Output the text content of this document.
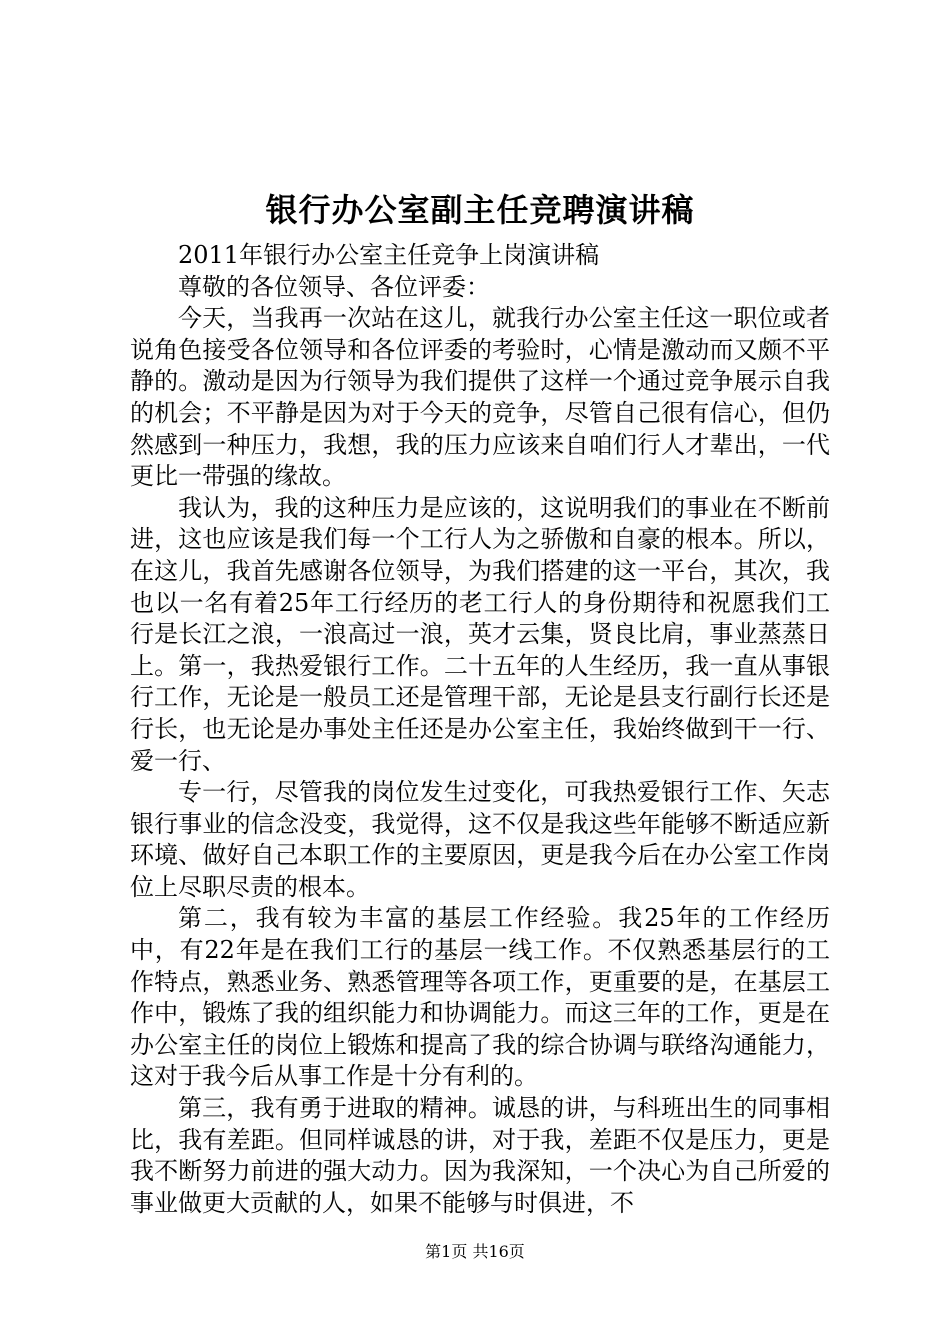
银行办公室副主任竞聘演讲稿

2011年银行办公室主任竞争上岗演讲稿

尊敬的各位领导、各位评委：

今天，当我再一次站在这儿，就我行办公室主任这一职位或者说角色接受各位领导和各位评委的考验时，心情是激动而又颇不平静的。激动是因为行领导为我们提供了这样一个通过竞争展示自我的机会；不平静是因为对于今天的竞争，尽管自己很有信心，但仍然感到一种压力，我想，我的压力应该来自咱们行人才辈出，一代更比一带强的缘故。

我认为，我的这种压力是应该的，这说明我们的事业在不断前进，这也应该是我们每一个工行人为之骄傲和自豪的根本。所以，在这儿，我首先感谢各位领导，为我们搭建的这一平台，其次，我也以一名有着25年工行经历的老工行人的身份期待和祝愿我们工行是长江之浪，一浪高过一浪，英才云集，贤良比肩，事业蒸蒸日上。第一，我热爱银行工作。二十五年的人生经历，我一直从事银行工作，无论是一般员工还是管理干部，无论是县支行副行长还是行长，也无论是办事处主任还是办公室主任，我始终做到干一行、爱一行、

专一行，尽管我的岗位发生过变化，可我热爱银行工作、矢志银行事业的信念没变，我觉得，这不仅是我这些年能够不断适应新环境、做好自己本职工作的主要原因，更是我今后在办公室工作岗位上尽职尽责的根本。

第二，我有较为丰富的基层工作经验。我25年的工作经历中，有22年是在我们工行的基层一线工作。不仅熟悉基层行的工作特点，熟悉业务、熟悉管理等各项工作，更重要的是，在基层工作中，锻炼了我的组织能力和协调能力。而这三年的工作，更是在办公室主任的岗位上锻炼和提高了我的综合协调与联络沟通能力，这对于我今后从事工作是十分有利的。

第三，我有勇于进取的精神。诚恳的讲，与科班出生的同事相比，我有差距。但同样诚恳的讲，对于我，差距不仅是压力，更是我不断努力前进的强大动力。因为我深知，一个决心为自己所爱的事业做更大贡献的人，如果不能够与时俱进，不

第1页 共16页
